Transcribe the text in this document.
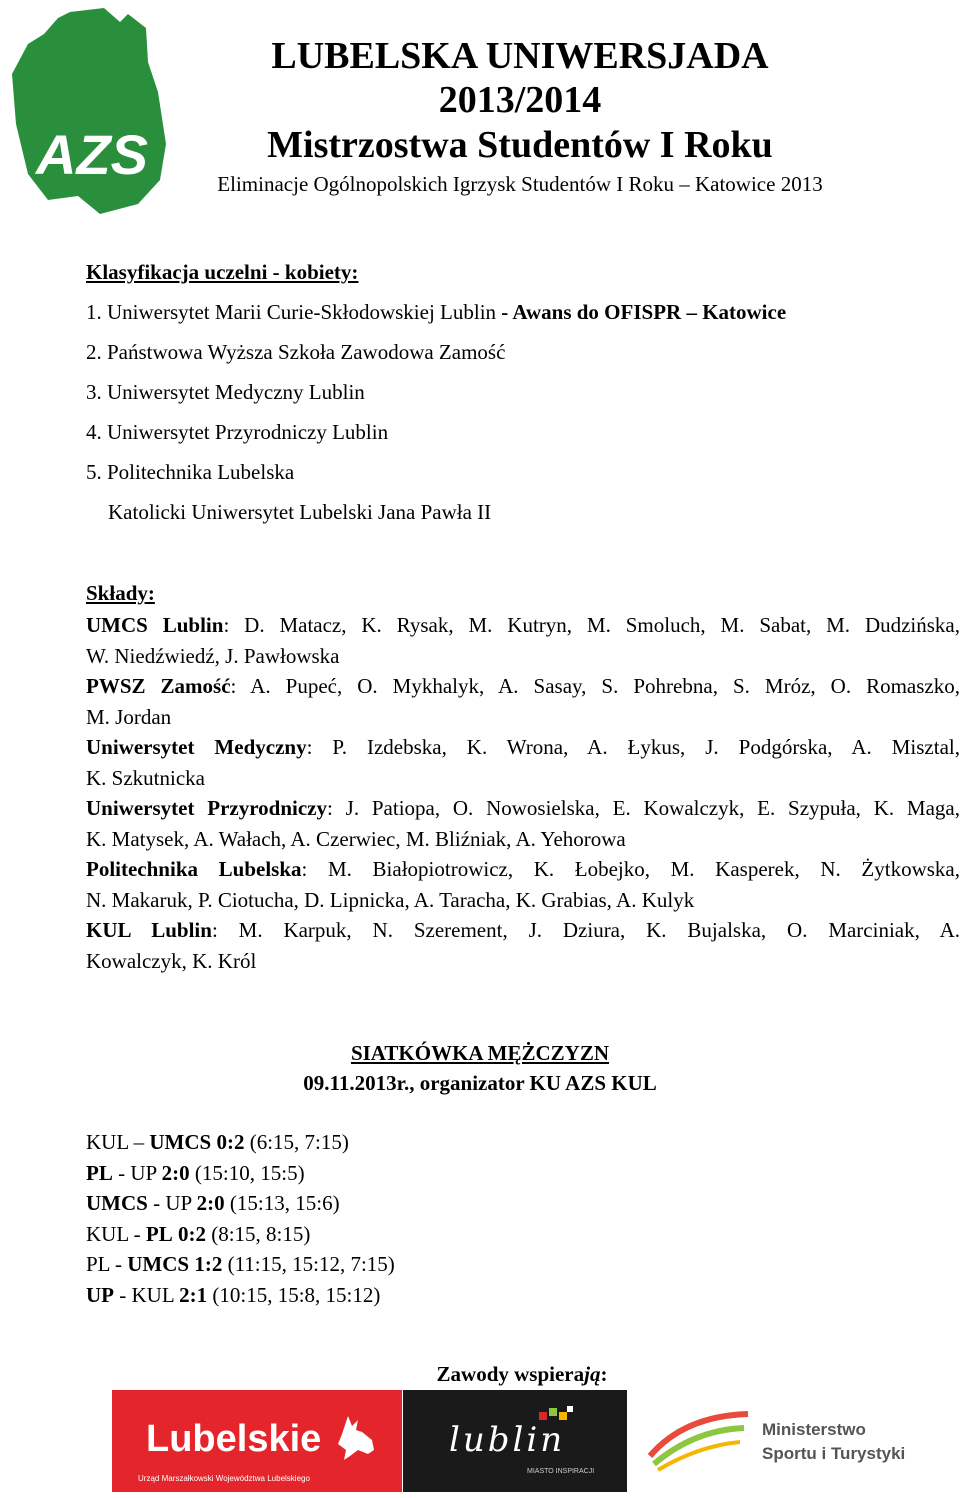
AZS
LUBELSKA UNIWERSJADA
2013/2014
Mistrzostwa Studentów I Roku
Eliminacje Ogólnopolskich Igrzysk Studentów I Roku – Katowice 2013
Klasyfikacja uczelni - kobiety:
1. Uniwersytet Marii Curie-Skłodowskiej Lublin - Awans do OFISPR – Katowice
2. Państwowa Wyższa Szkoła Zawodowa Zamość
3. Uniwersytet Medyczny Lublin
4. Uniwersytet Przyrodniczy Lublin
5. Politechnika Lubelska
Katolicki Uniwersytet Lubelski Jana Pawła II
Składy:

UMCS Lublin: D. Matacz, K. Rysak, M. Kutryn, M. Smoluch, M. Sabat, M. Dudzińska,

W. Niedźwiedź, J. Pawłowska

PWSZ Zamość: A. Pupeć, O. Mykhalyk, A. Sasay, S. Pohrebna, S. Mróz, O. Romaszko,

M. Jordan

Uniwersytet Medyczny: P. Izdebska, K. Wrona, A. Łykus, J. Podgórska, A. Misztal,

K. Szkutnicka

Uniwersytet Przyrodniczy: J. Patiopa, O. Nowosielska, E. Kowalczyk, E. Szypuła, K. Maga,

K. Matysek, A. Wałach, A. Czerwiec, M. Bliźniak, A. Yehorowa

Politechnika Lubelska: M. Białopiotrowicz, K. Łobejko, M. Kasperek, N. Żytkowska,

N. Makaruk, P. Ciotucha, D. Lipnicka, A. Taracha, K. Grabias, A. Kulyk

KUL Lublin: M. Karpuk, N. Szerement, J. Dziura, K. Bujalska, O. Marciniak, A.

Kowalczyk, K. Król

SIATKÓWKA MĘŻCZYZN
09.11.2013r., organizator KU AZS KUL
KUL – UMCS 0:2 (6:15, 7:15)
PL - UP 2:0 (15:10, 15:5)
UMCS - UP 2:0 (15:13, 15:6)
KUL - PL 0:2 (8:15, 8:15)
PL - UMCS 1:2 (11:15, 15:12, 7:15)
UP - KUL 2:1 (10:15, 15:8, 15:12)
Zawody wspierają:
Lubelskie
Urząd Marszałkowski Województwa Lubelskiego
lublin
MIASTO INSPIRACJI
Ministerstwo
Sportu i Turystyki
